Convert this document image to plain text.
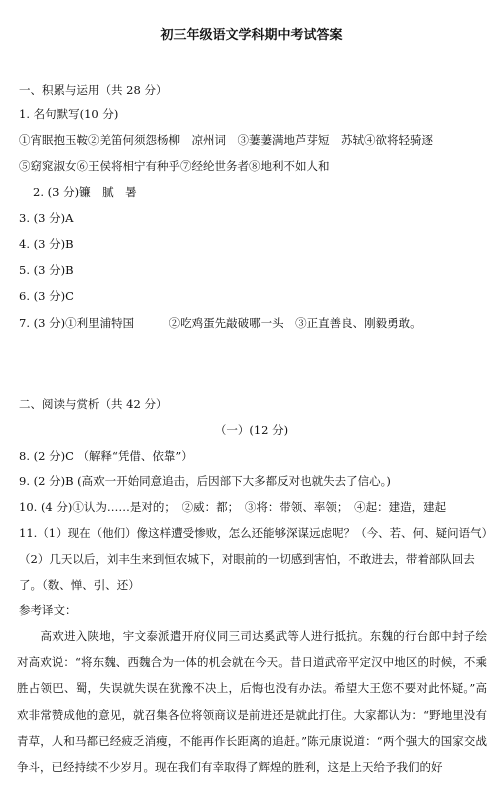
初三年级语文学科期中考试答案
一、积累与运用（共 28 分）
1. 名句默写(10 分)
①宵眠抱玉鞍②羌笛何须怨杨柳　凉州词　③萋萋满地芦芽短　苏轼④欲将轻骑逐
⑤窈窕淑女⑥王侯将相宁有种乎⑦经纶世务者⑧地利不如人和
2. (3 分)镰　腻　暑
3. (3 分)A
4. (3 分)B
5. (3 分)B
6. (3 分)C
7. (3 分)①利里浦特国　　　②吃鸡蛋先敲破哪一头　③正直善良、刚毅勇敢。
二、阅读与赏析（共 42 分）
（一）(12 分)
8. (2 分)C （解释“凭借、依靠”）
9. (2 分)B (高欢一开始同意追击，后因部下大多都反对也就失去了信心。)
10. (4 分)①认为……是对的；　②威：都；　③将：带领、率领；　④起：建造，建起
11.（1）现在（他们）像这样遭受惨败，怎么还能够深谋远虑呢？（今、若、何、疑问语气）
（2）几天以后，刘丰生来到恒农城下，对眼前的一切感到害怕，不敢进去，带着部队回去
了。（数、惮、引、还）
参考译文：
　　高欢进入陕地，宇文泰派遣开府仪同三司达奚武等人进行抵抗。东魏的行台郎中封子绘对高欢说：“将东魏、西魏合为一体的机会就在今天。昔日道武帝平定汉中地区的时候，不乘胜占领巴、蜀，失误就失误在犹豫不决上，后悔也没有办法。希望大王您不要对此怀疑。”高欢非常赞成他的意见，就召集各位将领商议是前进还是就此打住。大家都认为：“野地里没有青草，人和马都已经疲乏消瘦，不能再作长距离的追赶。”陈元康说道：“两个强大的国家交战争斗，已经持续不少岁月。现在我们有幸取得了辉煌的胜利，这是上天给予我们的好
